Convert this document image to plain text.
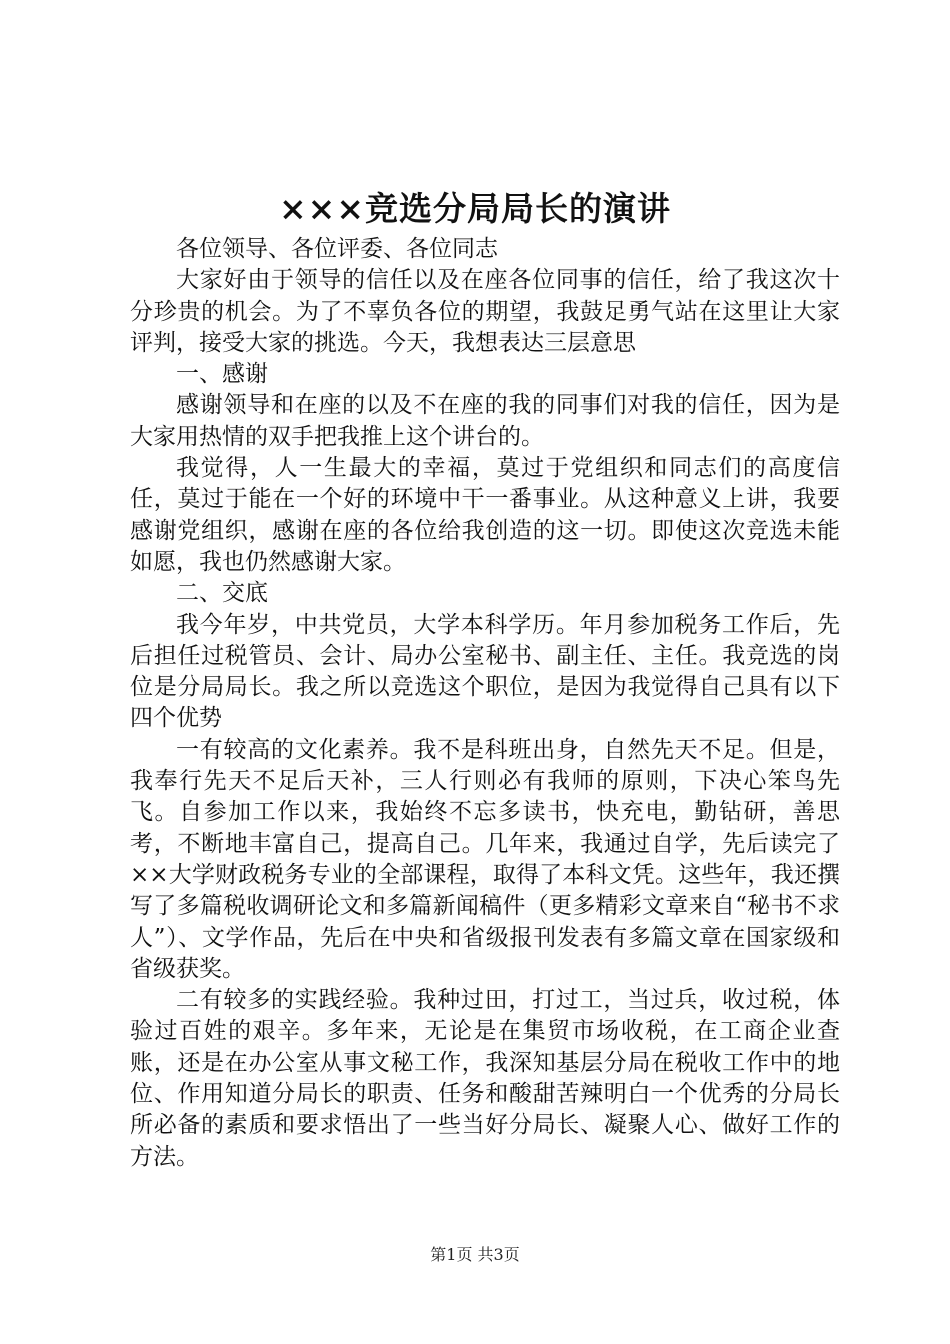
×××竞选分局局长的演讲

各位领导、各位评委、各位同志

大家好由于领导的信任以及在座各位同事的信任，给了我这次十分珍贵的机会。为了不辜负各位的期望，我鼓足勇气站在这里让大家评判，接受大家的挑选。今天，我想表达三层意思

一、感谢

感谢领导和在座的以及不在座的我的同事们对我的信任，因为是大家用热情的双手把我推上这个讲台的。

我觉得，人一生最大的幸福，莫过于党组织和同志们的高度信任，莫过于能在一个好的环境中干一番事业。从这种意义上讲，我要感谢党组织，感谢在座的各位给我创造的这一切。即使这次竞选未能如愿，我也仍然感谢大家。

二、交底

我今年岁，中共党员，大学本科学历。年月参加税务工作后，先后担任过税管员、会计、局办公室秘书、副主任、主任。我竞选的岗位是分局局长。我之所以竞选这个职位，是因为我觉得自己具有以下四个优势

一有较高的文化素养。我不是科班出身，自然先天不足。但是，我奉行先天不足后天补，三人行则必有我师的原则，下决心笨鸟先飞。自参加工作以来，我始终不忘多读书，快充电，勤钻研，善思考，不断地丰富自己，提高自己。几年来，我通过自学，先后读完了××大学财政税务专业的全部课程，取得了本科文凭。这些年，我还撰写了多篇税收调研论文和多篇新闻稿件（更多精彩文章来自“秘书不求人”）、文学作品，先后在中央和省级报刊发表有多篇文章在国家级和省级获奖。

二有较多的实践经验。我种过田，打过工，当过兵，收过税，体验过百姓的艰辛。多年来，无论是在集贸市场收税，在工商企业查账，还是在办公室从事文秘工作，我深知基层分局在税收工作中的地位、作用知道分局长的职责、任务和酸甜苦辣明白一个优秀的分局长所必备的素质和要求悟出了一些当好分局长、凝聚人心、做好工作的方法。

第1页 共3页
